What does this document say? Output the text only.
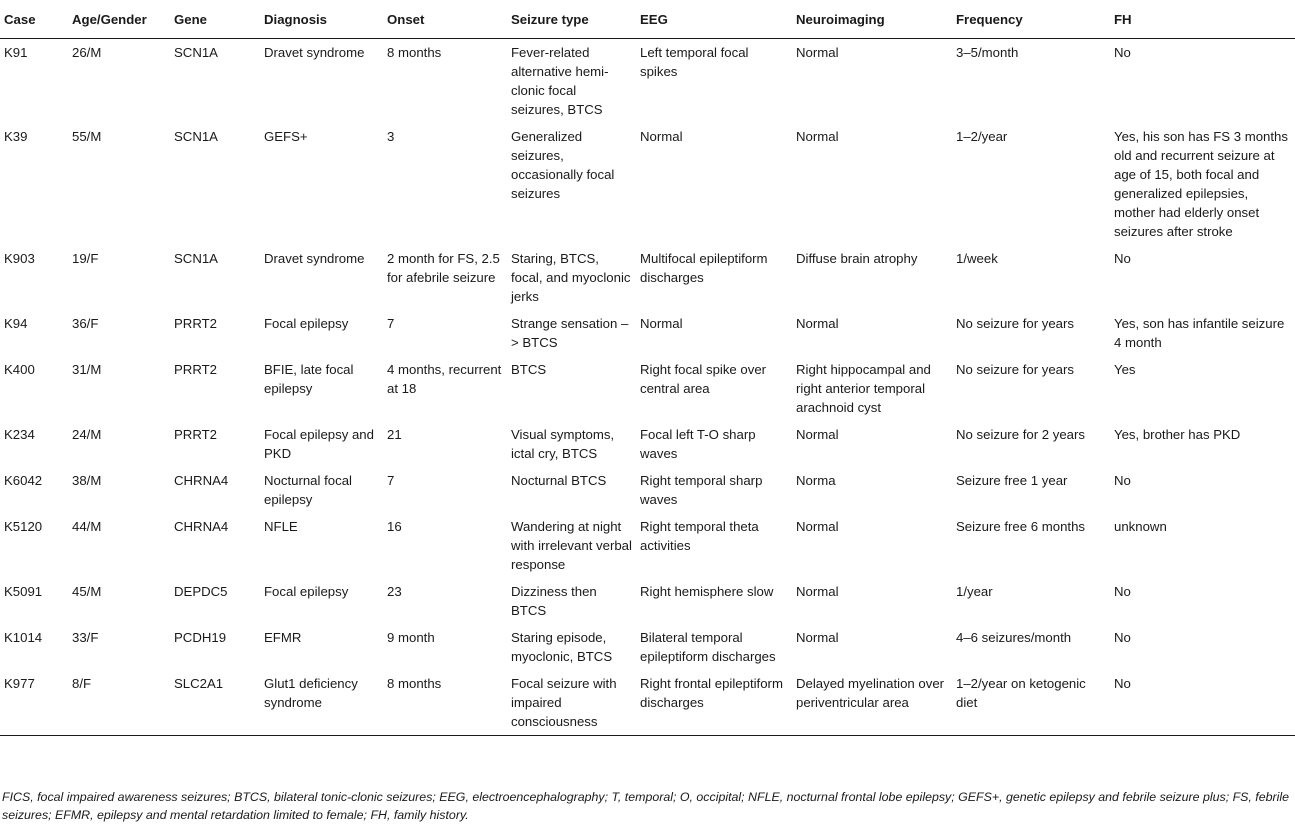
Case	Age/Gender	Gene	Diagnosis	Onset	Seizure type	EEG	Neuroimaging	Frequency	FH
K91	26/M	SCN1A	Dravet syndrome	8 months	Fever-related alternative hemi-clonic focal seizures, BTCS	Left temporal focal spikes	Normal	3–5/month	No
K39	55/M	SCN1A	GEFS+	3	Generalized seizures, occasionally focal seizures	Normal	Normal	1–2/year	Yes, his son has FS 3 months old and recurrent seizure at age of 15, both focal and generalized epilepsies, mother had elderly onset seizures after stroke
K903	19/F	SCN1A	Dravet syndrome	2 month for FS, 2.5 for afebrile seizure	Staring, BTCS, focal, and myoclonic jerks	Multifocal epileptiform discharges	Diffuse brain atrophy	1/week	No
K94	36/F	PRRT2	Focal epilepsy	7	Strange sensation –> BTCS	Normal	Normal	No seizure for years	Yes, son has infantile seizure 4 month
K400	31/M	PRRT2	BFIE, late focal epilepsy	4 months, recurrent at 18	BTCS	Right focal spike over central area	Right hippocampal and right anterior temporal arachnoid cyst	No seizure for years	Yes
K234	24/M	PRRT2	Focal epilepsy and PKD	21	Visual symptoms, ictal cry, BTCS	Focal left T-O sharp waves	Normal	No seizure for 2 years	Yes, brother has PKD
K6042	38/M	CHRNA4	Nocturnal focal epilepsy	7	Nocturnal BTCS	Right temporal sharp waves	Norma	Seizure free 1 year	No
K5120	44/M	CHRNA4	NFLE	16	Wandering at night with irrelevant verbal response	Right temporal theta activities	Normal	Seizure free 6 months	unknown
K5091	45/M	DEPDC5	Focal epilepsy	23	Dizziness then BTCS	Right hemisphere slow	Normal	1/year	No
K1014	33/F	PCDH19	EFMR	9 month	Staring episode, myoclonic, BTCS	Bilateral temporal epileptiform discharges	Normal	4–6 seizures/month	No
K977	8/F	SLC2A1	Glut1 deficiency syndrome	8 months	Focal seizure with impaired consciousness	Right frontal epileptiform discharges	Delayed myelination over periventricular area	1–2/year on ketogenic diet	No
FICS, focal impaired awareness seizures; BTCS, bilateral tonic-clonic seizures; EEG, electroencephalography; T, temporal; O, occipital; NFLE, nocturnal frontal lobe epilepsy; GEFS+, genetic epilepsy and febrile seizure plus; FS, febrile seizures; EFMR, epilepsy and mental retardation limited to female; FH, family history.
